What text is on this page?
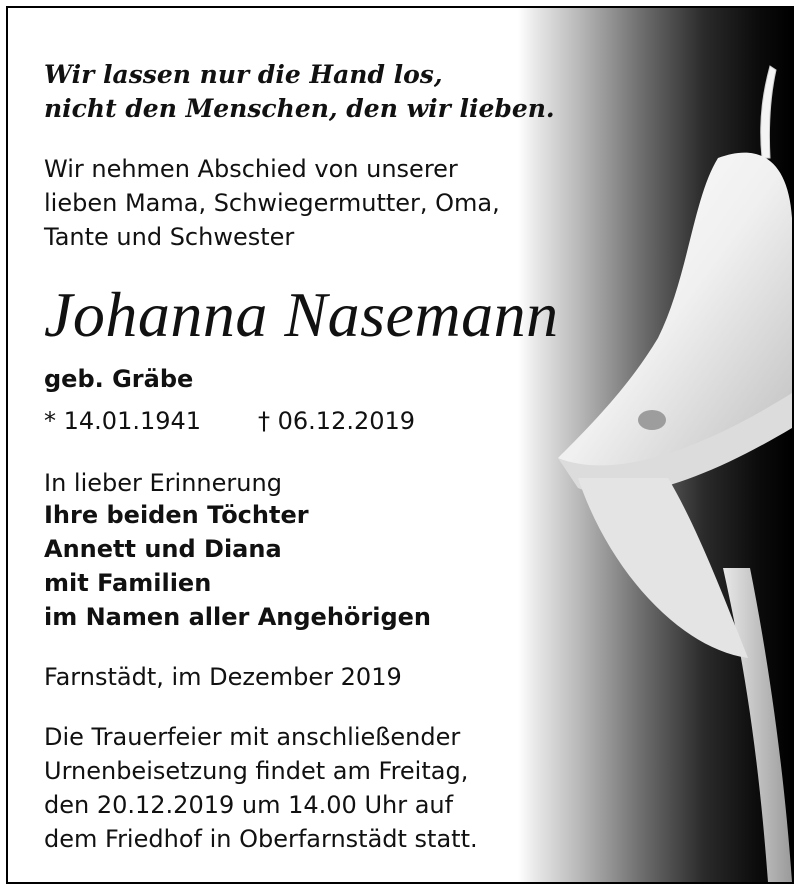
Wir lassen nur die Hand los,
nicht den Menschen, den wir lieben.
Wir nehmen Abschied von unserer
lieben Mama, Schwiegermutter, Oma,
Tante und Schwester
Johanna Nasemann
geb. Gräbe
* 14.01.1941 † 06.12.2019
In lieber Erinnerung
Ihre beiden Töchter
Annett und Diana
mit Familien
im Namen aller Angehörigen
Farnstädt, im Dezember 2019
Die Trauerfeier mit anschließender
Urnenbeisetzung findet am Freitag,
den 20.12.2019 um 14.00 Uhr auf
dem Friedhof in Oberfarnstädt statt.
